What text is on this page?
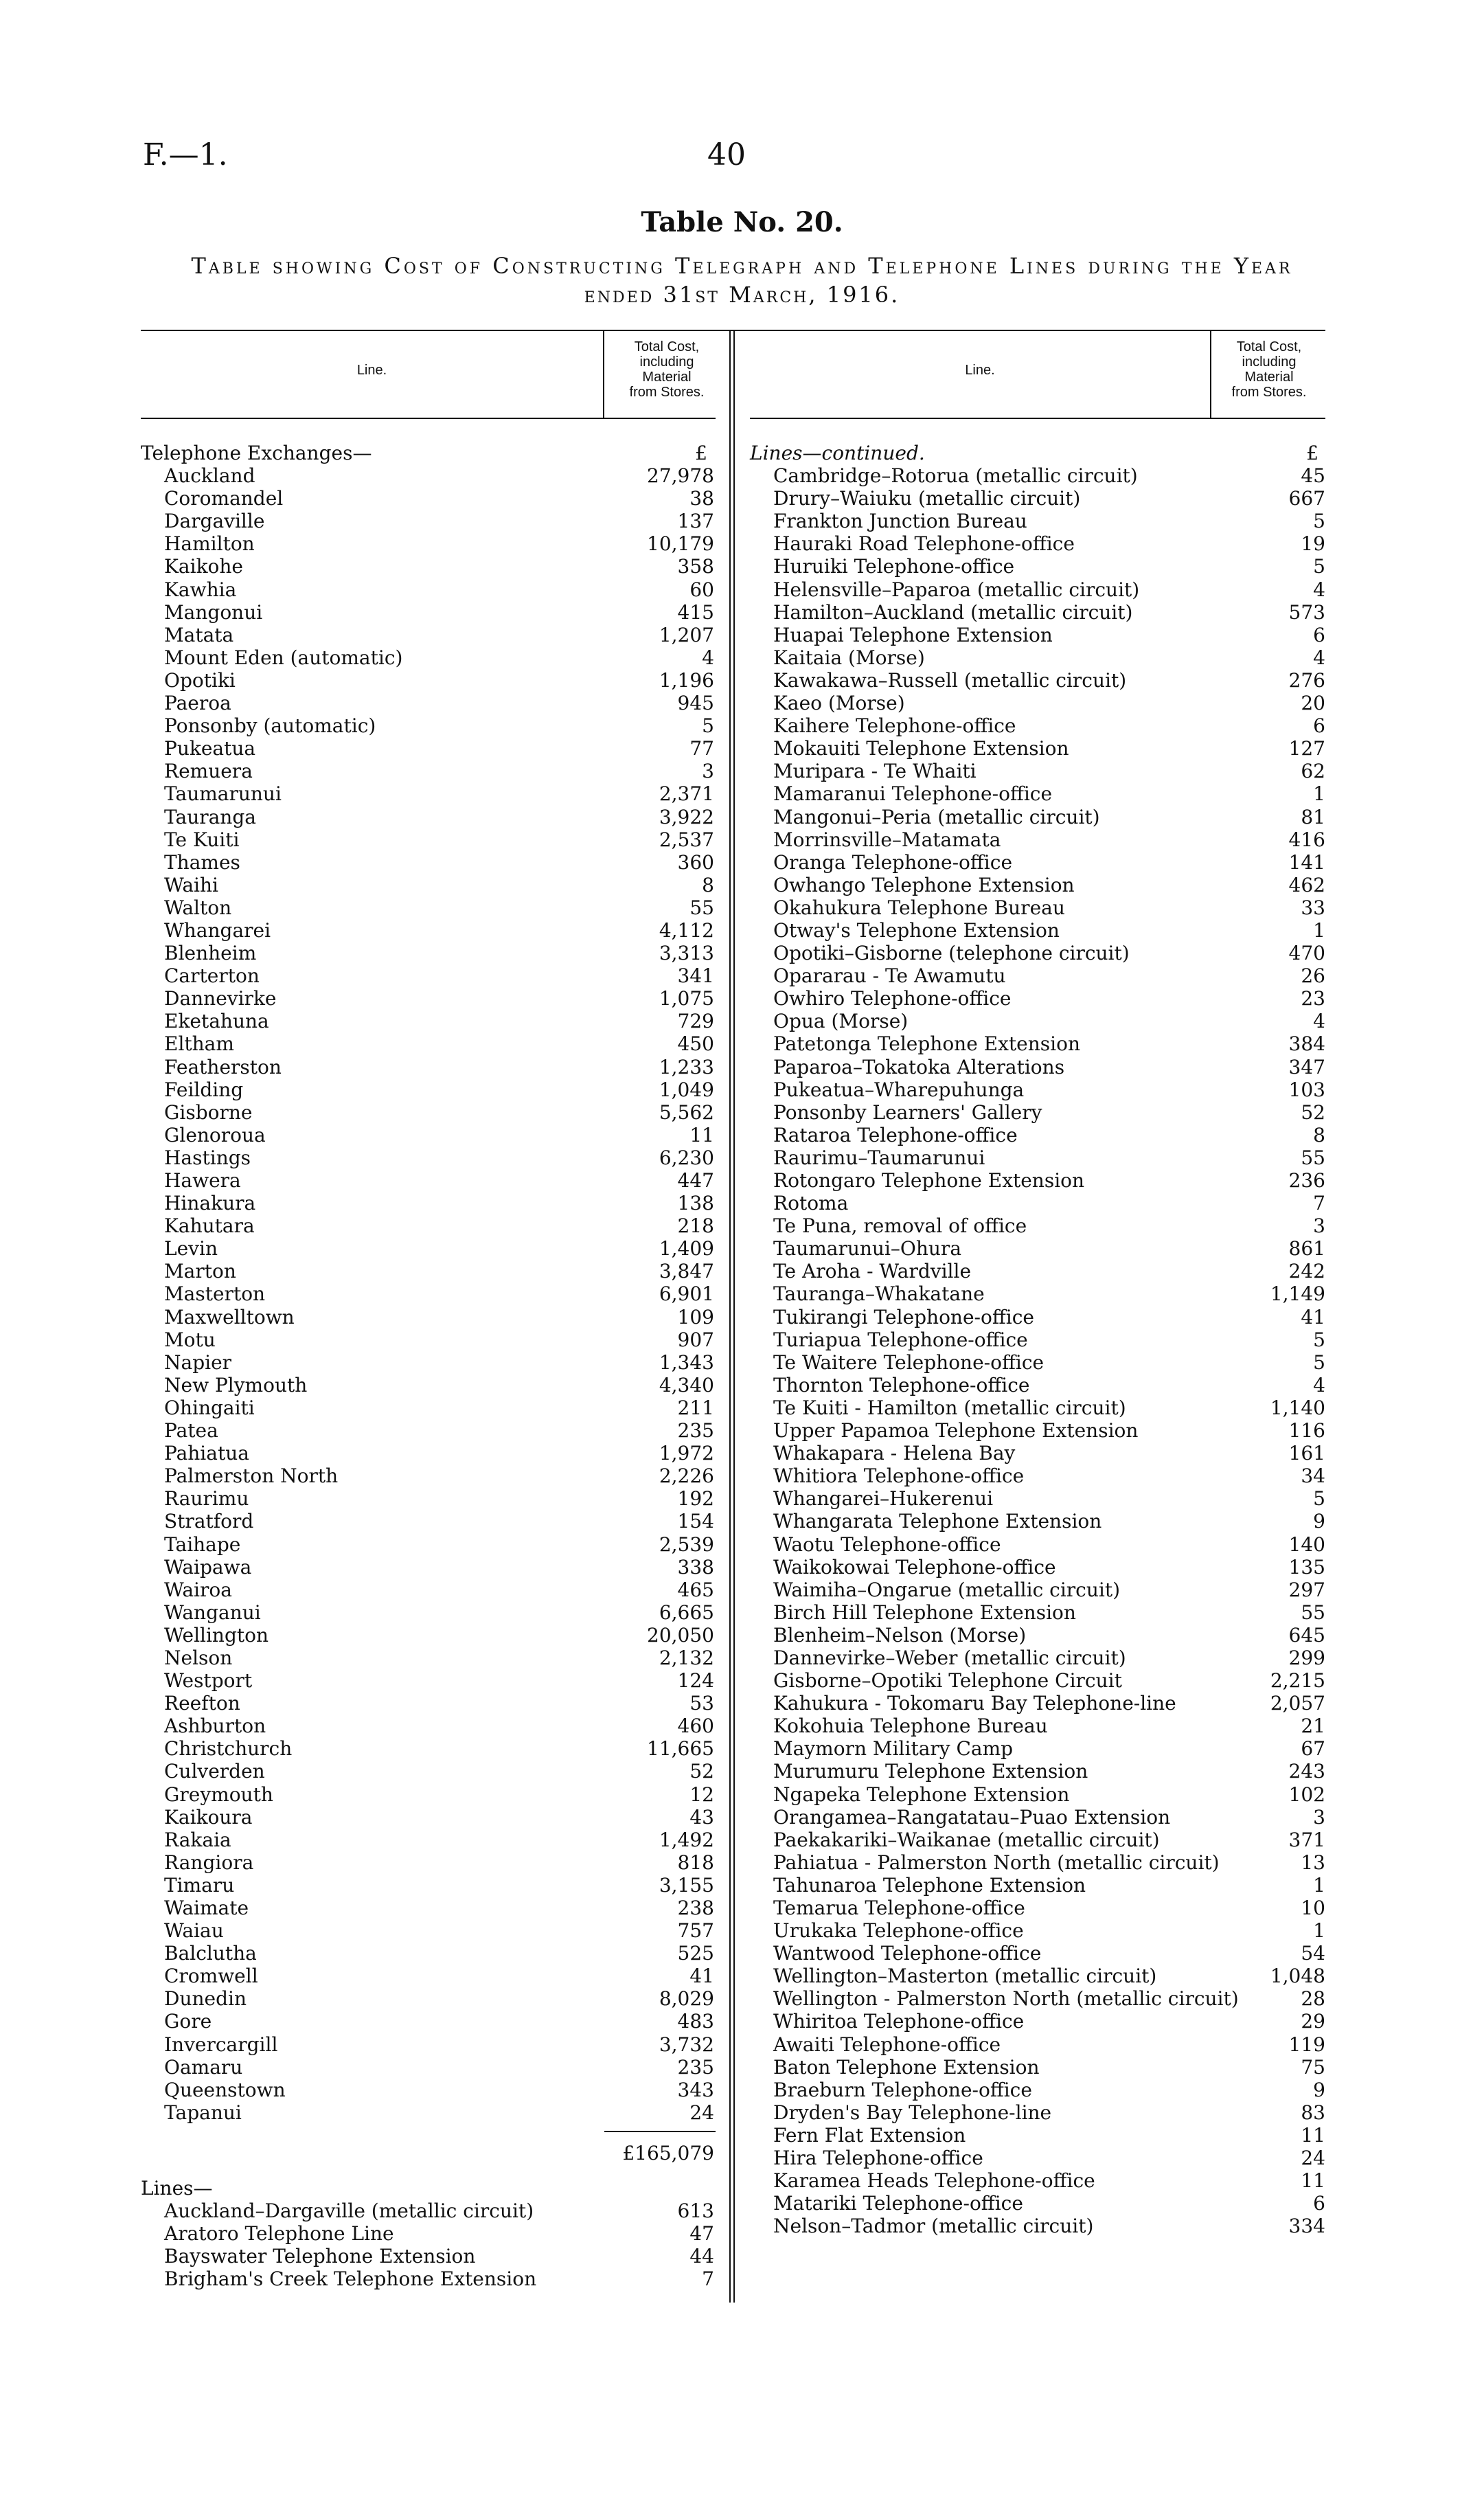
F.—1.	40
Table No. 20.
Table showing Cost of Constructing Telegraph and Telephone Lines during the Year
ended 31st March, 1916.
Line.
Total Cost,
including
Material
from Stores.
Line.
Total Cost,
including
Material
from Stores.
Telephone Exchanges—	£
Auckland	27,978
Coromandel	38
Dargaville	137
Hamilton	10,179
Kaikohe	358
Kawhia	60
Mangonui	415
Matata	1,207
Mount Eden (automatic)	4
Opotiki	1,196
Paeroa	945
Ponsonby (automatic)	5
Pukeatua	77
Remuera	3
Taumarunui	2,371
Tauranga	3,922
Te Kuiti	2,537
Thames	360
Waihi	8
Walton	55
Whangarei	4,112
Blenheim	3,313
Carterton	341
Dannevirke	1,075
Eketahuna	729
Eltham	450
Featherston	1,233
Feilding	1,049
Gisborne	5,562
Glenoroua	11
Hastings	6,230
Hawera	447
Hinakura	138
Kahutara	218
Levin	1,409
Marton	3,847
Masterton	6,901
Maxwelltown	109
Motu	907
Napier	1,343
New Plymouth	4,340
Ohingaiti	211
Patea	235
Pahiatua	1,972
Palmerston North	2,226
Raurimu	192
Stratford	154
Taihape	2,539
Waipawa	338
Wairoa	465
Wanganui	6,665
Wellington	20,050
Nelson	2,132
Westport	124
Reefton	53
Ashburton	460
Christchurch	11,665
Culverden	52
Greymouth	12
Kaikoura	43
Rakaia	1,492
Rangiora	818
Timaru	3,155
Waimate	238
Waiau	757
Balclutha	525
Cromwell	41
Dunedin	8,029
Gore	483
Invercargill	3,732
Oamaru	235
Queenstown	343
Tapanui	24
£165,079
Lines—
Auckland–Dargaville (metallic circuit)	613
Aratoro Telephone Line	47
Bayswater Telephone Extension	44
Brigham's Creek Telephone Extension	7
Lines—continued.	£
Cambridge–Rotorua (metallic circuit)	45
Drury–Waiuku (metallic circuit)	667
Frankton Junction Bureau	5
Hauraki Road Telephone-office	19
Huruiki Telephone-office	5
Helensville–Paparoa (metallic circuit)	4
Hamilton–Auckland (metallic circuit)	573
Huapai Telephone Extension	6
Kaitaia (Morse)	4
Kawakawa–Russell (metallic circuit)	276
Kaeo (Morse)	20
Kaihere Telephone-office	6
Mokauiti Telephone Extension	127
Muripara - Te Whaiti	62
Mamaranui Telephone-office	1
Mangonui–Peria (metallic circuit)	81
Morrinsville–Matamata	416
Oranga Telephone-office	141
Owhango Telephone Extension	462
Okahukura Telephone Bureau	33
Otway's Telephone Extension	1
Opotiki–Gisborne (telephone circuit)	470
Opararau - Te Awamutu	26
Owhiro Telephone-office	23
Opua (Morse)	4
Patetonga Telephone Extension	384
Paparoa–Tokatoka Alterations	347
Pukeatua–Wharepuhunga	103
Ponsonby Learners' Gallery	52
Rataroa Telephone-office	8
Raurimu–Taumarunui	55
Rotongaro Telephone Extension	236
Rotoma	7
Te Puna, removal of office	3
Taumarunui–Ohura	861
Te Aroha - Wardville	242
Tauranga–Whakatane	1,149
Tukirangi Telephone-office	41
Turiapua Telephone-office	5
Te Waitere Telephone-office	5
Thornton Telephone-office	4
Te Kuiti - Hamilton (metallic circuit)	1,140
Upper Papamoa Telephone Extension	116
Whakapara - Helena Bay	161
Whitiora Telephone-office	34
Whangarei–Hukerenui	5
Whangarata Telephone Extension	9
Waotu Telephone-office	140
Waikokowai Telephone-office	135
Waimiha–Ongarue (metallic circuit)	297
Birch Hill Telephone Extension	55
Blenheim–Nelson (Morse)	645
Dannevirke–Weber (metallic circuit)	299
Gisborne–Opotiki Telephone Circuit	2,215
Kahukura - Tokomaru Bay Telephone-line	2,057
Kokohuia Telephone Bureau	21
Maymorn Military Camp	67
Murumuru Telephone Extension	243
Ngapeka Telephone Extension	102
Orangamea–Rangatatau–Puao Extension	3
Paekakariki–Waikanae (metallic circuit)	371
Pahiatua - Palmerston North (metallic circuit)	13
Tahunaroa Telephone Extension	1
Temarua Telephone-office	10
Urukaka Telephone-office	1
Wantwood Telephone-office	54
Wellington–Masterton (metallic circuit)	1,048
Wellington - Palmerston North (metallic circuit)	28
Whiritoa Telephone-office	29
Awaiti Telephone-office	119
Baton Telephone Extension	75
Braeburn Telephone-office	9
Dryden's Bay Telephone-line	83
Fern Flat Extension	11
Hira Telephone-office	24
Karamea Heads Telephone-office	11
Matariki Telephone-office	6
Nelson–Tadmor (metallic circuit)	334
